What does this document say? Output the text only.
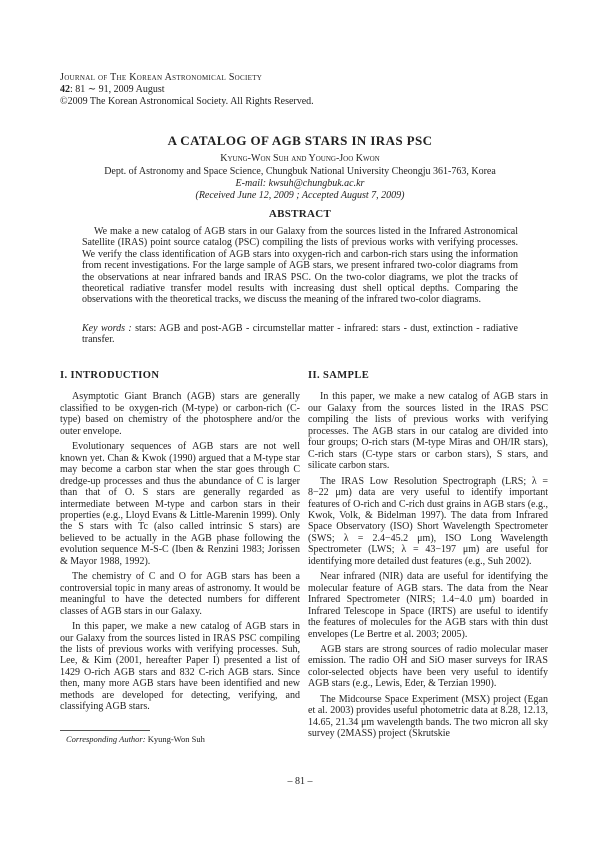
Journal of The Korean Astronomical Society
42: 81 ∼ 91, 2009 August
©2009 The Korean Astronomical Society. All Rights Reserved.
A CATALOG OF AGB STARS IN IRAS PSC
Kyung-Won Suh and Young-Joo Kwon
Dept. of Astronomy and Space Science, Chungbuk National University Cheongju 361-763, Korea
E-mail: kwsuh@chungbuk.ac.kr
(Received June 12, 2009 ; Accepted August 7, 2009)
ABSTRACT
We make a new catalog of AGB stars in our Galaxy from the sources listed in the Infrared Astronomical Satellite (IRAS) point source catalog (PSC) compiling the lists of previous works with verifying processes. We verify the class identification of AGB stars into oxygen-rich and carbon-rich stars using the information from recent investigations. For the large sample of AGB stars, we present infrared two-color diagrams from the observations at near infrared bands and IRAS PSC. On the two-color diagrams, we plot the tracks of theoretical radiative transfer model results with increasing dust shell optical depths. Comparing the observations with the theoretical tracks, we discuss the meaning of the infrared two-color diagrams.
Key words : stars: AGB and post-AGB - circumstellar matter - infrared: stars - dust, extinction - radiative transfer.
I. INTRODUCTION

Asymptotic Giant Branch (AGB) stars are generally classified to be oxygen-rich (M-type) or carbon-rich (C-type) based on chemistry of the photosphere and/or the outer envelope.

Evolutionary sequences of AGB stars are not well known yet. Chan & Kwok (1990) argued that a M-type star may become a carbon star when the star goes through C dredge-up processes and thus the abundance of C is larger than that of O. S stars are generally regarded as intermediate between M-type and carbon stars in their properties (e.g., Lloyd Evans & Little-Marenin 1999). Only the S stars with Tc (also called intrinsic S stars) are believed to be actually in the AGB phase following the evolution sequence M-S-C (Iben & Renzini 1983; Jorissen & Mayor 1988, 1992).

The chemistry of C and O for AGB stars has been a controversial topic in many areas of astronomy. It would be meaningful to have the detected numbers for different classes of AGB stars in our Galaxy.

In this paper, we make a new catalog of AGB stars in our Galaxy from the sources listed in IRAS PSC compiling the lists of previous works with verifying processes. Suh, Lee, & Kim (2001, hereafter Paper I) presented a list of 1429 O-rich AGB stars and 832 C-rich AGB stars. Since then, many more AGB stars have been identified and new methods are developed for detecting, verifying, and classifying AGB stars.

II. SAMPLE

In this paper, we make a new catalog of AGB stars in our Galaxy from the sources listed in the IRAS PSC compiling the lists of previous works with verifying processes. The AGB stars in our catalog are divided into four groups; O-rich stars (M-type Miras and OH/IR stars), C-rich stars (C-type stars or carbon stars), S stars, and silicate carbon stars.

The IRAS Low Resolution Spectrograph (LRS; λ = 8−22 μm) data are very useful to identify important features of O-rich and C-rich dust grains in AGB stars (e.g., Kwok, Volk, & Bidelman 1997). The data from Infrared Space Observatory (ISO) Short Wavelength Spectrometer (SWS; λ = 2.4−45.2 μm), ISO Long Wavelength Spectrometer (LWS; λ = 43−197 μm) are useful for identifying more detailed dust features (e.g., Suh 2002).

Near infrared (NIR) data are useful for identifying the molecular feature of AGB stars. The data from the Near Infrared Spectrometer (NIRS; 1.4−4.0 μm) boarded in Infrared Telescope in Space (IRTS) are useful to identify the features of molecules for the AGB stars with thin dust envelopes (Le Bertre et al. 2003; 2005).

AGB stars are strong sources of radio molecular maser emission. The radio OH and SiO maser surveys for IRAS color-selected objects have been very useful to identify AGB stars (e.g., Lewis, Eder, & Terzian 1990).

The Midcourse Space Experiment (MSX) project (Egan et al. 2003) provides useful photometric data at 8.28, 12.13, 14.65, 21.34 μm wavelength bands. The two micron all sky survey (2MASS) project (Skrutskie

Corresponding Author: Kyung-Won Suh
– 81 –
